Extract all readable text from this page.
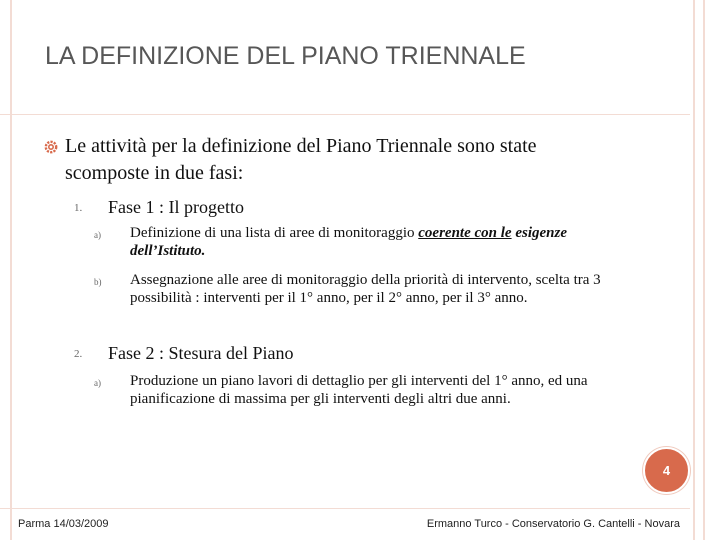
LA DEFINIZIONE DEL PIANO TRIENNALE

Le attività per la definizione del Piano Triennale sono state scomposte in due fasi:

1. Fase 1 : Il progetto

a) Definizione di una lista di aree di monitoraggio coerente con le esigenze dell’Istituto.

b) Assegnazione alle aree di monitoraggio della priorità di intervento, scelta tra 3 possibilità : interventi per il 1° anno, per il 2° anno, per il 3° anno.

2. Fase 2 : Stesura del Piano

a) Produzione un piano lavori di dettaglio per gli interventi del 1° anno, ed una pianificazione di massima per gli interventi degli altri due anni.

4

Parma 14/03/2009	Ermanno Turco - Conservatorio G. Cantelli - Novara
